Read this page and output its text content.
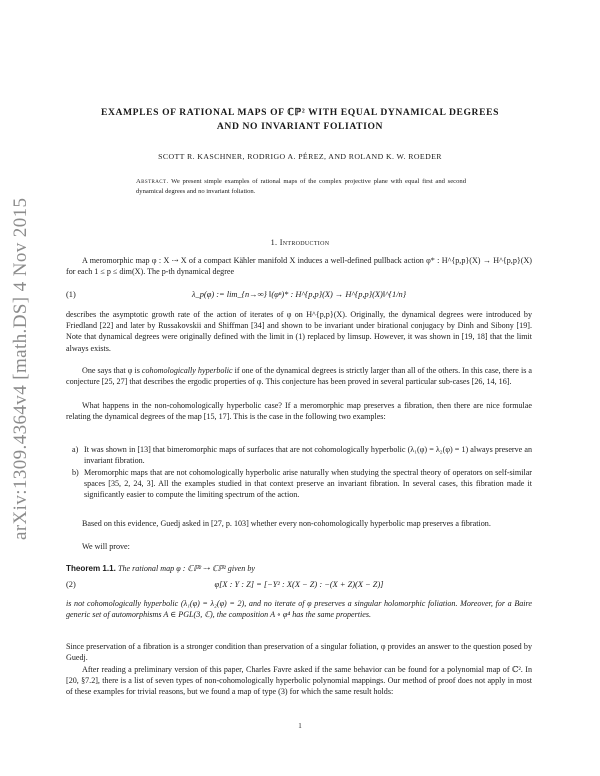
arXiv:1309.4364v4 [math.DS] 4 Nov 2015
EXAMPLES OF RATIONAL MAPS OF ℂℙ² WITH EQUAL DYNAMICAL DEGREES
AND NO INVARIANT FOLIATION
SCOTT R. KASCHNER, RODRIGO A. PÉREZ, AND ROLAND K. W. ROEDER
Abstract. We present simple examples of rational maps of the complex projective plane with equal first and second dynamical degrees and no invariant foliation.
1. Introduction
A meromorphic map φ : X ⇢ X of a compact Kähler manifold X induces a well-defined pullback action φ* : H^{p,p}(X) → H^{p,p}(X) for each 1 ≤ p ≤ dim(X). The p-th dynamical degree
(1)	λ_p(φ) := lim_{n→∞} ‖(φⁿ)* : H^{p,p}(X) → H^{p,p}(X)‖^{1/n}
describes the asymptotic growth rate of the action of iterates of φ on H^{p,p}(X). Originally, the dynamical degrees were introduced by Friedland [22] and later by Russakovskii and Shiffman [34] and shown to be invariant under birational conjugacy by Dinh and Sibony [19]. Note that dynamical degrees were originally defined with the limit in (1) replaced by limsup. However, it was shown in [19, 18] that the limit always exists.
One says that φ is cohomologically hyperbolic if one of the dynamical degrees is strictly larger than all of the others. In this case, there is a conjecture [25, 27] that describes the ergodic properties of φ. This conjecture has been proved in several particular sub-cases [26, 14, 16].
What happens in the non-cohomologically hyperbolic case? If a meromorphic map preserves a fibration, then there are nice formulae relating the dynamical degrees of the map [15, 17]. This is the case in the following two examples:
a) It was shown in [13] that bimeromorphic maps of surfaces that are not cohomologically hyperbolic (λ₁(φ) = λ₂(φ) = 1) always preserve an invariant fibration.
b) Meromorphic maps that are not cohomologically hyperbolic arise naturally when studying the spectral theory of operators on self-similar spaces [35, 2, 24, 3]. All the examples studied in that context preserve an invariant fibration. In several cases, this fibration made it significantly easier to compute the limiting spectrum of the action.
Based on this evidence, Guedj asked in [27, p. 103] whether every non-cohomologically hyperbolic map preserves a fibration.
We will prove:
Theorem 1.1. The rational map φ : ℂℙ² ⇢ ℂℙ² given by
(2)	φ[X : Y : Z] = [−Y² : X(X − Z) : −(X + Z)(X − Z)]
is not cohomologically hyperbolic (λ₁(φ) = λ₂(φ) = 2), and no iterate of φ preserves a singular holomorphic foliation. Moreover, for a Baire generic set of automorphisms A ∈ PGL(3, ℂ), the composition A ∘ φ⁴ has the same properties.
Since preservation of a fibration is a stronger condition than preservation of a singular foliation, φ provides an answer to the question posed by Guedj.
After reading a preliminary version of this paper, Charles Favre asked if the same behavior can be found for a polynomial map of ℂ². In [20, §7.2], there is a list of seven types of non-cohomologically hyperbolic polynomial mappings. Our method of proof does not apply in most of these examples for trivial reasons, but we found a map of type (3) for which the same result holds:
1
